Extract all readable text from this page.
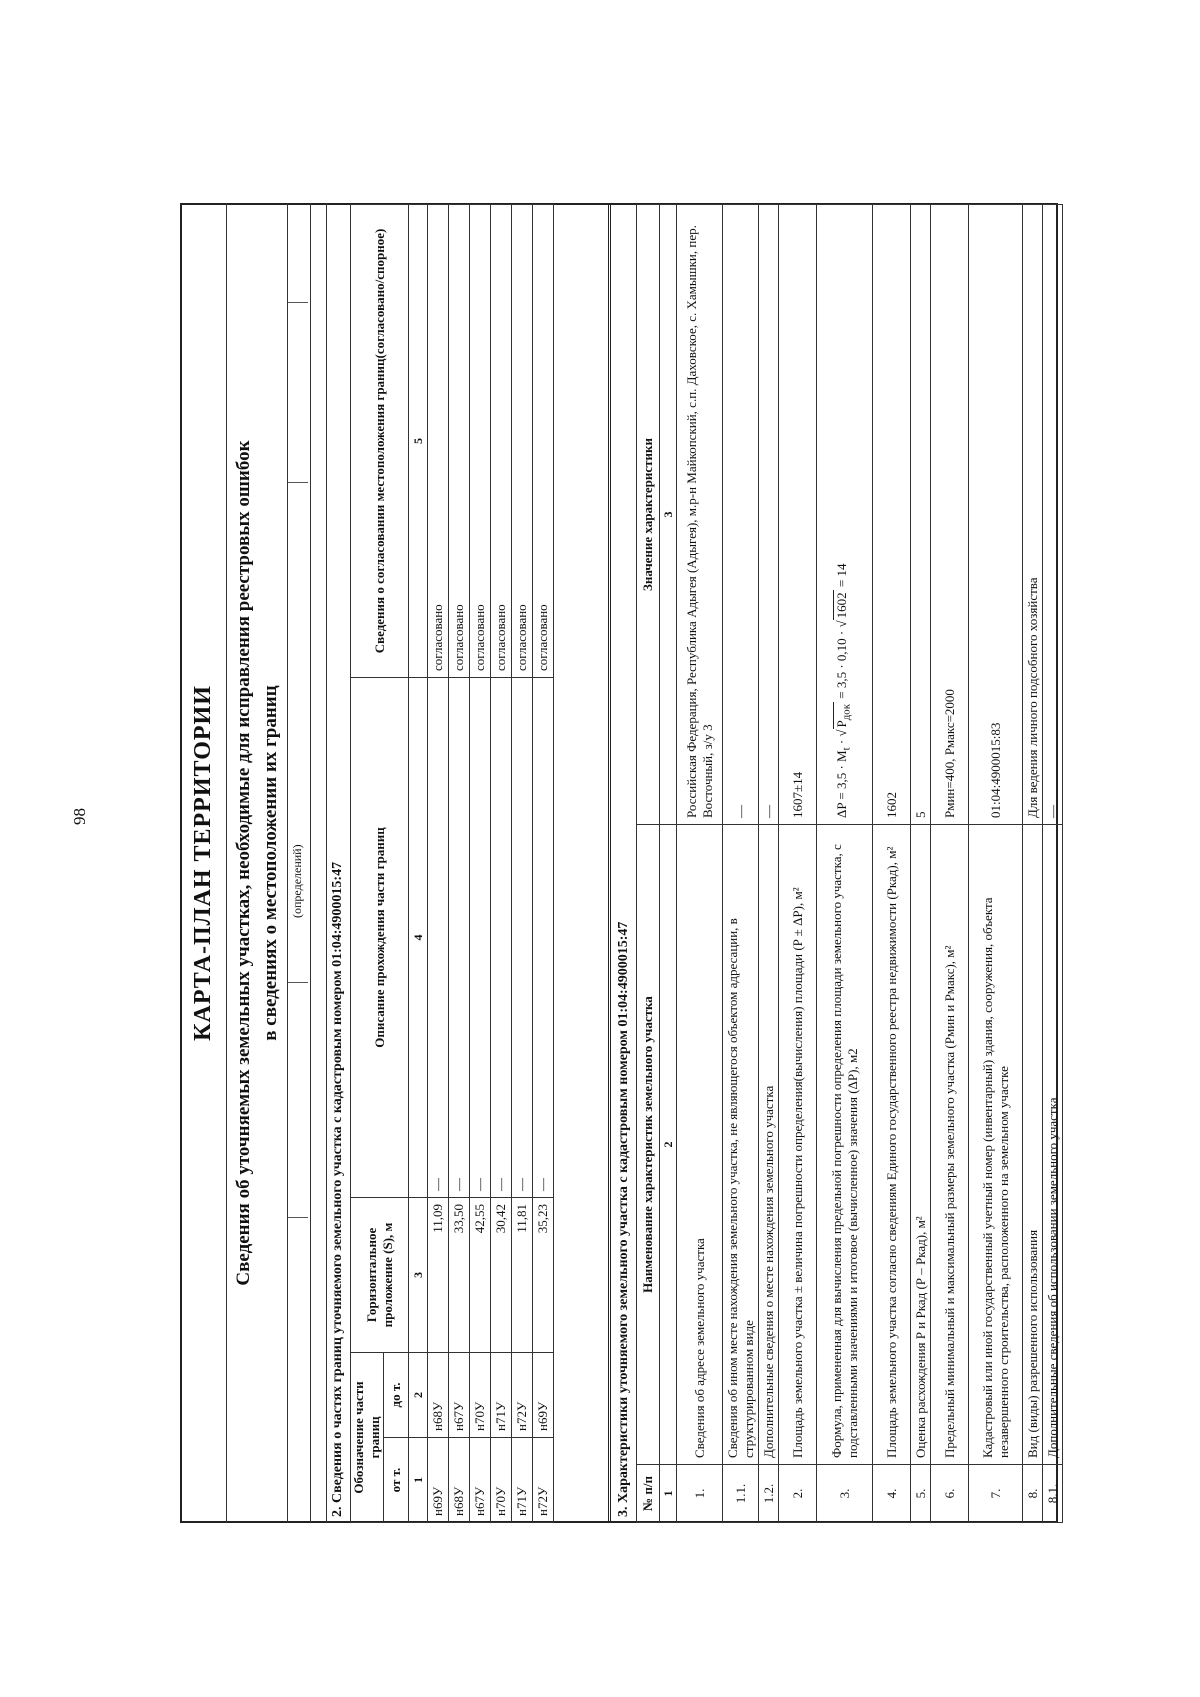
98	КАРТА-ПЛАН ТЕРРИТОРИИ Сведения об уточняемых земельных участках, необходимые для исправления реестровых ошибок в сведениях о местоположении их границ (определений) 2. Сведения о частях границ уточняемого земельного участка с кадастровым номером 01:04:4900015:47 Обозначение части границ		Горизонтальное проложение (S), м	Описание прохождения части границ	Сведения о согласовании местоположения границ(согласовано/спорное)
от т.	до т.			
1	2	3	4	5
н69У	н68У	11,09	—	согласовано
н68У	н67У	33,50	—	согласовано
н67У	н70У	42,55	—	согласовано
н70У	н71У	30,42	—	согласовано
н71У	н72У	11,81	—	согласовано
н72У	н69У	35,23	—	согласовано
3. Характеристики уточняемого земельного участка с кадастровым номером 01:04:4900015:47 № п/п	Наименование характеристик земельного участка	Значение характеристики
1	2	3
1.	Сведения об адресе земельного участка	Российская Федерация, Республика Адыгея (Адыгея), м.р-н Майкопский, с.п. Даховское, с. Хамышки, пер. Восточный, з/у 3
1.1.	Сведения об ином месте нахождения земельного участка, не являющегося объектом адресации, в структурированном виде	—
1.2.	Дополнительные сведения о месте нахождения земельного участка	—
2.	Площадь земельного участка ± величина погрешности определения(вычисления) площади (P ± ΔP), м²	1607±14
3.	Формула, примененная для вычисления предельной погрешности определения площади земельного участка, с подставленными значениями и итоговое (вычисленное) значения (ΔP), м2	$\Delta P = 3,5 \cdot M_t \cdot √P_{док} = 3,5 \cdot 0,10 \cdot √1602 = 14$
4.	Площадь земельного участка согласно сведениям Единого государственного реестра недвижимости (Ркад), м²	1602
5.	Оценка расхождения Р и Ркад (Р – Ркад), м²	5
6.	Предельный минимальный и максимальный размеры земельного участка (Рмин и Рмакс), м²	Рмин=400, Рмакс=2000
7.	Кадастровый или иной государственный учетный номер (инвентарный) здания, сооружения, объекта незавершенного строительства, расположенного на земельном участке	01:04:4900015:83
8.	Вид (виды) разрешенного использования	Для ведения личного подсобного хозяйства
8.1.	Дополнительные сведения об использовании земельного участка	—
